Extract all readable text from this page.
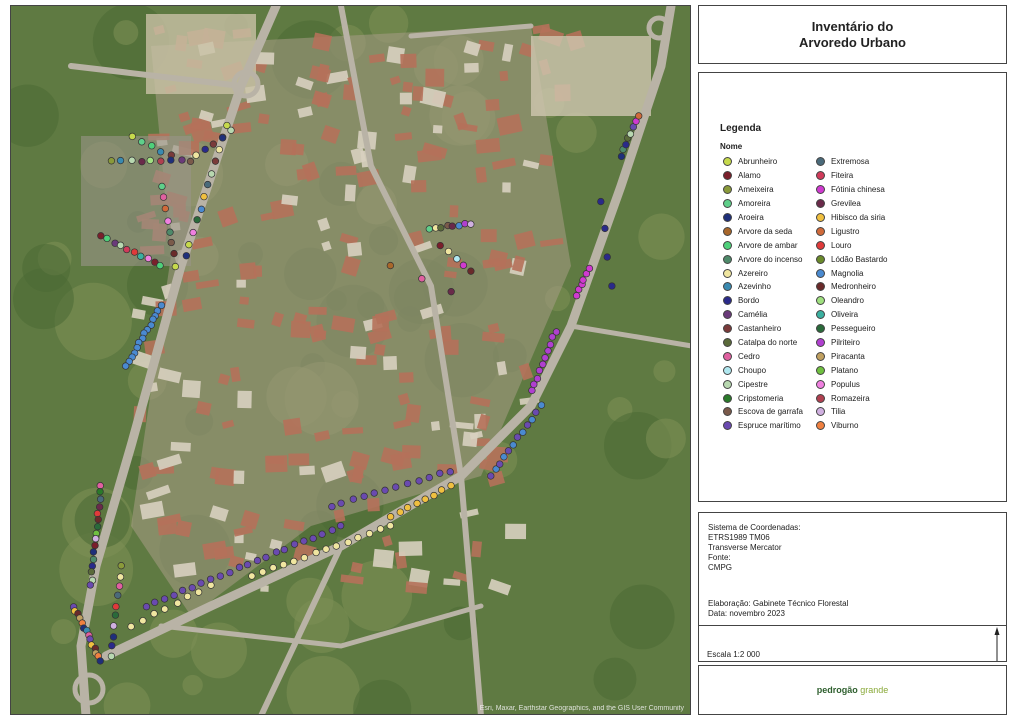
Esri, Maxar, Earthstar Geographics, and the GIS User Community
Inventário do
Arvoredo Urbano
Legenda
Nome
Abrunheiro
Alamo
Ameixeira
Amoreira
Aroeira
Arvore da seda
Arvore de ambar
Arvore do incenso
Azereiro
Azevinho
Bordo
Camélia
Castanheiro
Catalpa do norte
Cedro
Choupo
Cipestre
Cripstomeria
Escova de garrafa
Espruce marítimo
Extremosa
Fiteira
Fótinia chinesa
Grevilea
Hibisco da siria
Ligustro
Louro
Lódão Bastardo
Magnolia
Medronheiro
Oleandro
Oliveira
Pessegueiro
Pilriteiro
Piracanta
Platano
Populus
Romazeira
Tilia
Viburno
Sistema de Coordenadas:
ETRS1989 TM06
Transverse Mercator
Fonte:
CMPG
Elaboração: Gabinete Técnico Florestal
Data: novembro 2023
Escala 1:2 000
pedrogão grande
